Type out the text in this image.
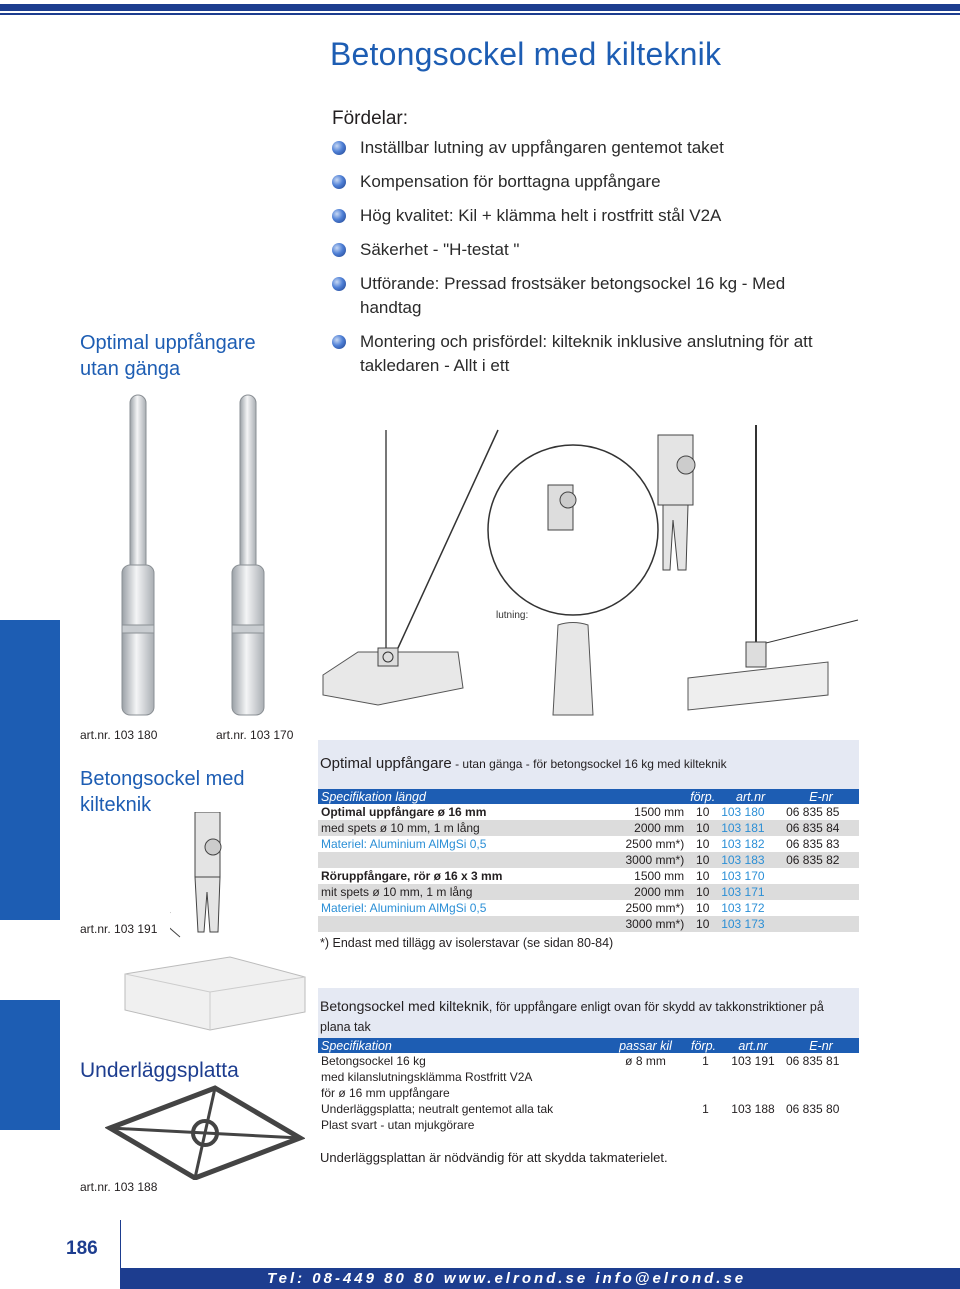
Betongsockel med kilteknik
Fördelar:
Inställbar lutning av uppfångaren gentemot taket
Kompensation för borttagna uppfångare
Hög kvalitet: Kil + klämma helt i rostfritt stål V2A
Säkerhet - "H-testat "
Utförande: Pressad frostsäker betongsockel 16 kg - Med handtag
Montering och prisfördel: kilteknik inklusive anslutning för att takledaren - Allt i ett
Optimal uppfångare
utan gänga
art.nr. 103 180	art.nr. 103 170
lutning:
Betongsockel med
kilteknik
art.nr. 103 191
Optimal uppfångare - utan gänga - för betongsockel 16 kg med kilteknik
Specifikation längd		förp.	art.nr	E-nr
Optimal uppfångare ø 16 mm	1500 mm	10	103 180	06 835 85
med spets ø 10 mm, 1 m lång	2000 mm	10	103 181	06 835 84
Materiel: Aluminium AlMgSi 0,5	2500 mm*)	10	103 182	06 835 83
	3000 mm*)	10	103 183	06 835 82
Röruppfångare, rör ø 16 x 3 mm	1500 mm	10	103 170	
mit spets ø 10 mm, 1 m lång	2000 mm	10	103 171	
Materiel: Aluminium AlMgSi 0,5	2500 mm*)	10	103 172	
	3000 mm*)	10	103 173	
*) Endast med tillägg av isolerstavar (se sidan 80-84)
Betongsockel med kilteknik, för uppfångare enligt ovan för skydd av takkonstriktioner på plana tak
Underläggsplatta
art.nr. 103 188
Specifikation	passar kil	förp.	art.nr	E-nr
Betongsockel 16 kg	ø 8 mm	1	103 191	06 835 81
med kilanslutningsklämma Rostfritt V2A				
för ø 16 mm uppfångare				
Underläggsplatta; neutralt gentemot alla tak		1	103 188	06 835 80
Plast svart - utan mjukgörare				
Underläggsplattan är nödvändig för att skydda takmaterielet.
186
Tel: 08-449 80 80 www.elrond.se info@elrond.se
